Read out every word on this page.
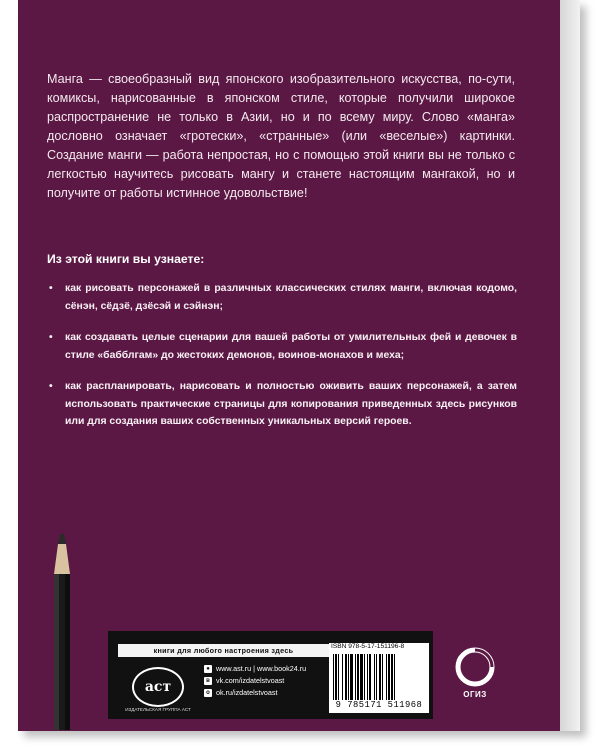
Манга — своеобразный вид японского изобразительного искусства, по-сути, комиксы, нарисованные в японском стиле, которые получили широкое распространение не только в Азии, но и по всему миру. Слово «манга» дословно означает «гротески», «странные» (или «веселые») картинки. Создание манги — работа непростая, но с помощью этой книги вы не только с легкостью научитесь рисовать мангу и станете настоящим мангакой, но и получите от работы истинное удовольствие!
Из этой книги вы узнаете:
• как рисовать персонажей в различных классических стилях манги, включая кодомо, сёнэн, сёдзё, дзёсэй и сэйнэн;
• как создавать целые сценарии для вашей работы от умилительных фей и девочек в стиле «бабблгам» до жестоких демонов, воинов-монахов и меха;
• как распланировать, нарисовать и полностью оживить ваших персонажей, а затем использовать практические страницы для копирования приведенных здесь рисунков или для создания ваших собственных уникальных версий героев.
книги для любого настроения здесь
аст
ИЗДАТЕЛЬСКАЯ ГРУППА АСТ
● www.ast.ru | www.book24.ru
в vk.com/izdatelstvoast
о ok.ru/izdatelstvoast
ISBN 978-5-17-151196-8
9 785171 511968
ОГИЗ
